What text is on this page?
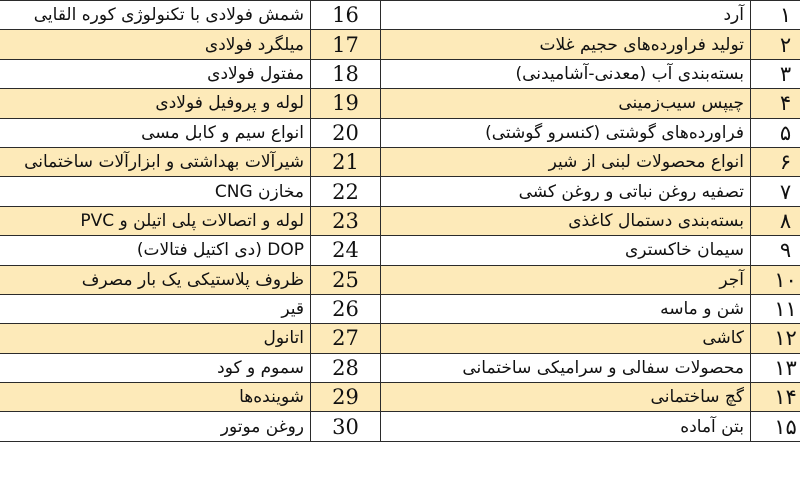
۱	آرد	16	شمش فولادی با تکنولوژی کوره القایی
۲	تولید فراورده‌های حجیم غلات	17	میلگرد فولادی
۳	بسته‌بندی آب (معدنی-آشامیدنی)	18	مفتول فولادی
۴	چیپس سیب‌زمینی	19	لوله و پروفیل فولادی
۵	فراورده‌های گوشتی (کنسرو گوشتی)	20	انواع سیم و کابل مسی
۶	انواع محصولات لبنی از شیر	21	شیرآلات بهداشتی و ابزارآلات ساختمانی
۷	تصفیه روغن نباتی و روغن کشی	22	مخازن CNG
۸	بسته‌بندی دستمال کاغذی	23	لوله و اتصالات پلی اتیلن و PVC
۹	سیمان خاکستری	24	DOP (دی اکتیل فتالات)
۱۰	آجر	25	ظروف پلاستیکی یک بار مصرف
۱۱	شن و ماسه	26	قیر
۱۲	کاشی	27	اتانول
۱۳	محصولات سفالی و سرامیکی ساختمانی	28	سموم و کود
۱۴	گچ ساختمانی	29	شوینده‌ها
۱۵	بتن آماده	30	روغن موتور
